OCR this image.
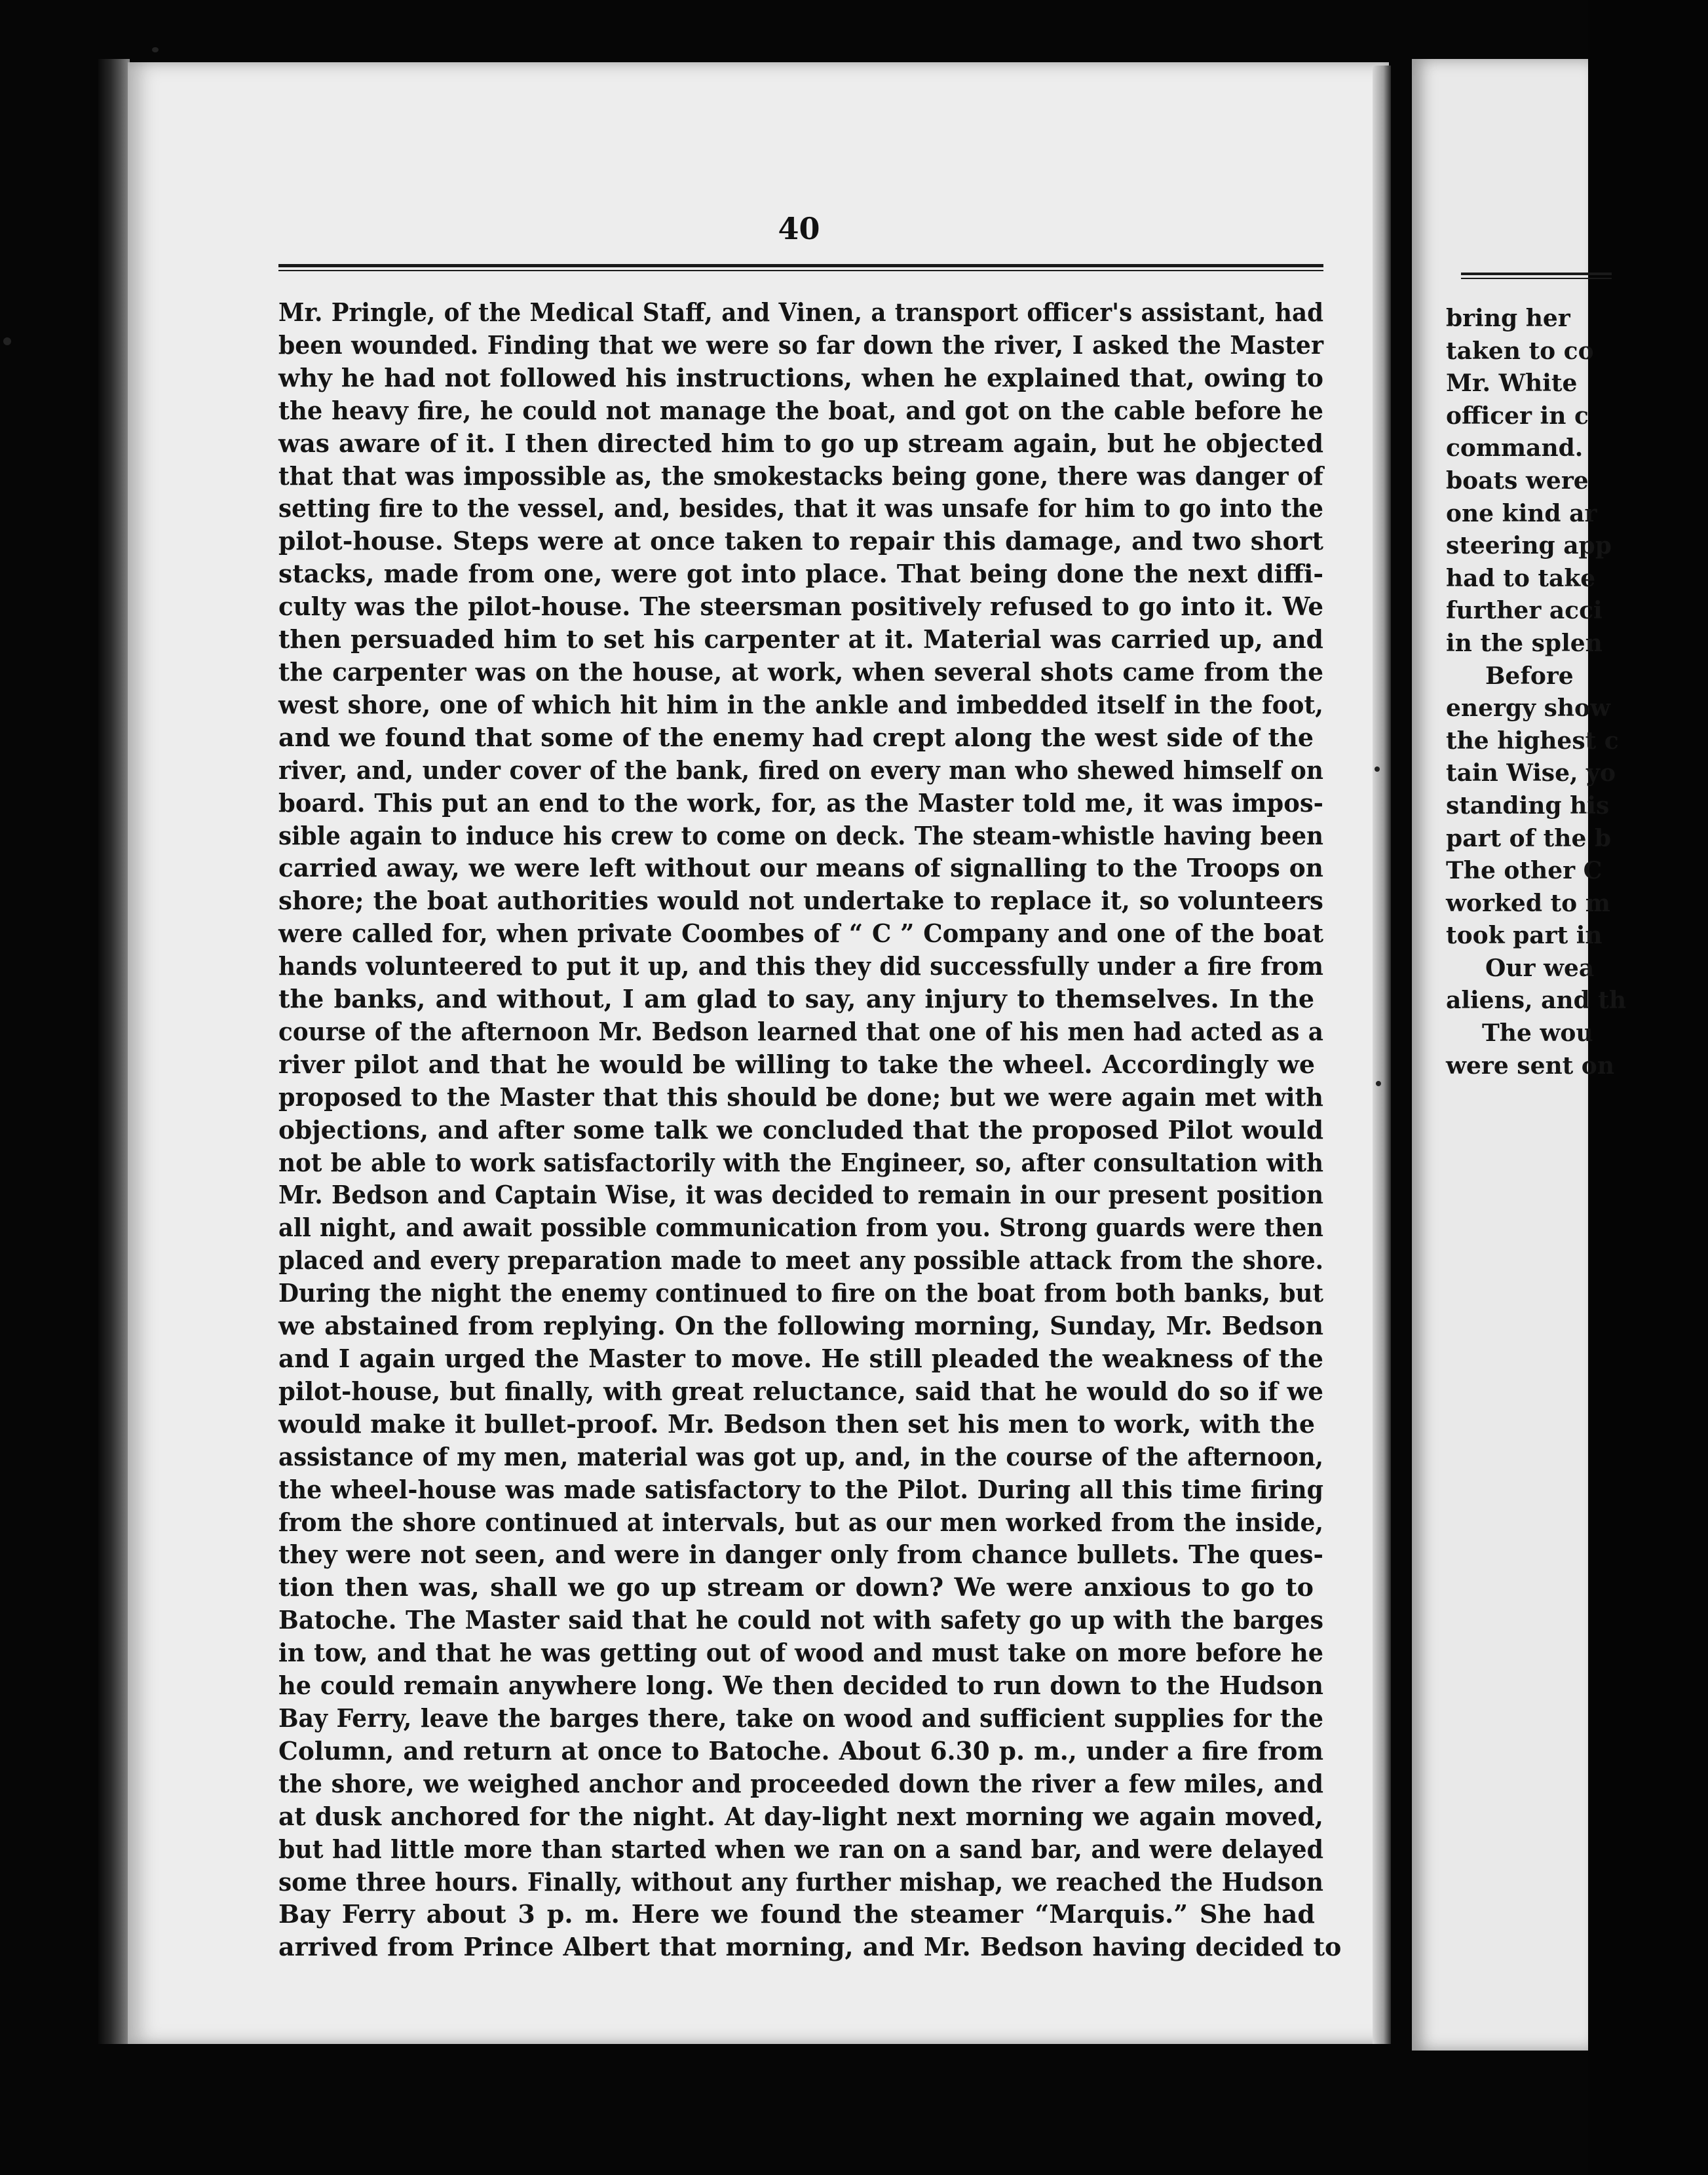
40
Mr. Pringle, of the Medical Staff, and Vinen, a transport officer's assistant, had
been wounded. Finding that we were so far down the river, I asked the Master
why he had not followed his instructions, when he explained that, owing to
the heavy fire, he could not manage the boat, and got on the cable before he
was aware of it. I then directed him to go up stream again, but he objected
that that was impossible as, the smokestacks being gone, there was danger of
setting fire to the vessel, and, besides, that it was unsafe for him to go into the
pilot-house. Steps were at once taken to repair this damage, and two short
stacks, made from one, were got into place. That being done the next diffi-
culty was the pilot-house. The steersman positively refused to go into it. We
then persuaded him to set his carpenter at it. Material was carried up, and
the carpenter was on the house, at work, when several shots came from the
west shore, one of which hit him in the ankle and imbedded itself in the foot,
and we found that some of the enemy had crept along the west side of the
river, and, under cover of the bank, fired on every man who shewed himself on
board. This put an end to the work, for, as the Master told me, it was impos-
sible again to induce his crew to come on deck. The steam-whistle having been
carried away, we were left without our means of signalling to the Troops on
shore; the boat authorities would not undertake to replace it, so volunteers
were called for, when private Coombes of “ C ” Company and one of the boat
hands volunteered to put it up, and this they did successfully under a fire from
the banks, and without, I am glad to say, any injury to themselves. In the
course of the afternoon Mr. Bedson learned that one of his men had acted as a
river pilot and that he would be willing to take the wheel. Accordingly we
proposed to the Master that this should be done; but we were again met with
objections, and after some talk we concluded that the proposed Pilot would
not be able to work satisfactorily with the Engineer, so, after consultation with
Mr. Bedson and Captain Wise, it was decided to remain in our present position
all night, and await possible communication from you. Strong guards were then
placed and every preparation made to meet any possible attack from the shore.
During the night the enemy continued to fire on the boat from both banks, but
we abstained from replying. On the following morning, Sunday, Mr. Bedson
and I again urged the Master to move. He still pleaded the weakness of the
pilot-house, but finally, with great reluctance, said that he would do so if we
would make it bullet-proof. Mr. Bedson then set his men to work, with the
assistance of my men, material was got up, and, in the course of the afternoon,
the wheel-house was made satisfactory to the Pilot. During all this time firing
from the shore continued at intervals, but as our men worked from the inside,
they were not seen, and were in danger only from chance bullets. The ques-
tion then was, shall we go up stream or down? We were anxious to go to
Batoche. The Master said that he could not with safety go up with the barges
in tow, and that he was getting out of wood and must take on more before he
he could remain anywhere long. We then decided to run down to the Hudson
Bay Ferry, leave the barges there, take on wood and sufficient supplies for the
Column, and return at once to Batoche. About 6.30 p. m., under a fire from
the shore, we weighed anchor and proceeded down the river a few miles, and
at dusk anchored for the night. At day-light next morning we again moved,
but had little more than started when we ran on a sand bar, and were delayed
some three hours. Finally, without any further mishap, we reached the Hudson
Bay Ferry about 3 p. m. Here we found the steamer “Marquis.” She had
arrived from Prince Albert that morning, and Mr. Bedson having decided to
bring her
taken to co
Mr. White
officer in c
command.
boats were
one kind ar
steering app
had to take
further acci
in the splen
Before
energy show
the highest c
tain Wise, yo
standing his
part of the b
The other C
worked to m
took part in
Our wea
aliens, and th
The wou
were sent on
